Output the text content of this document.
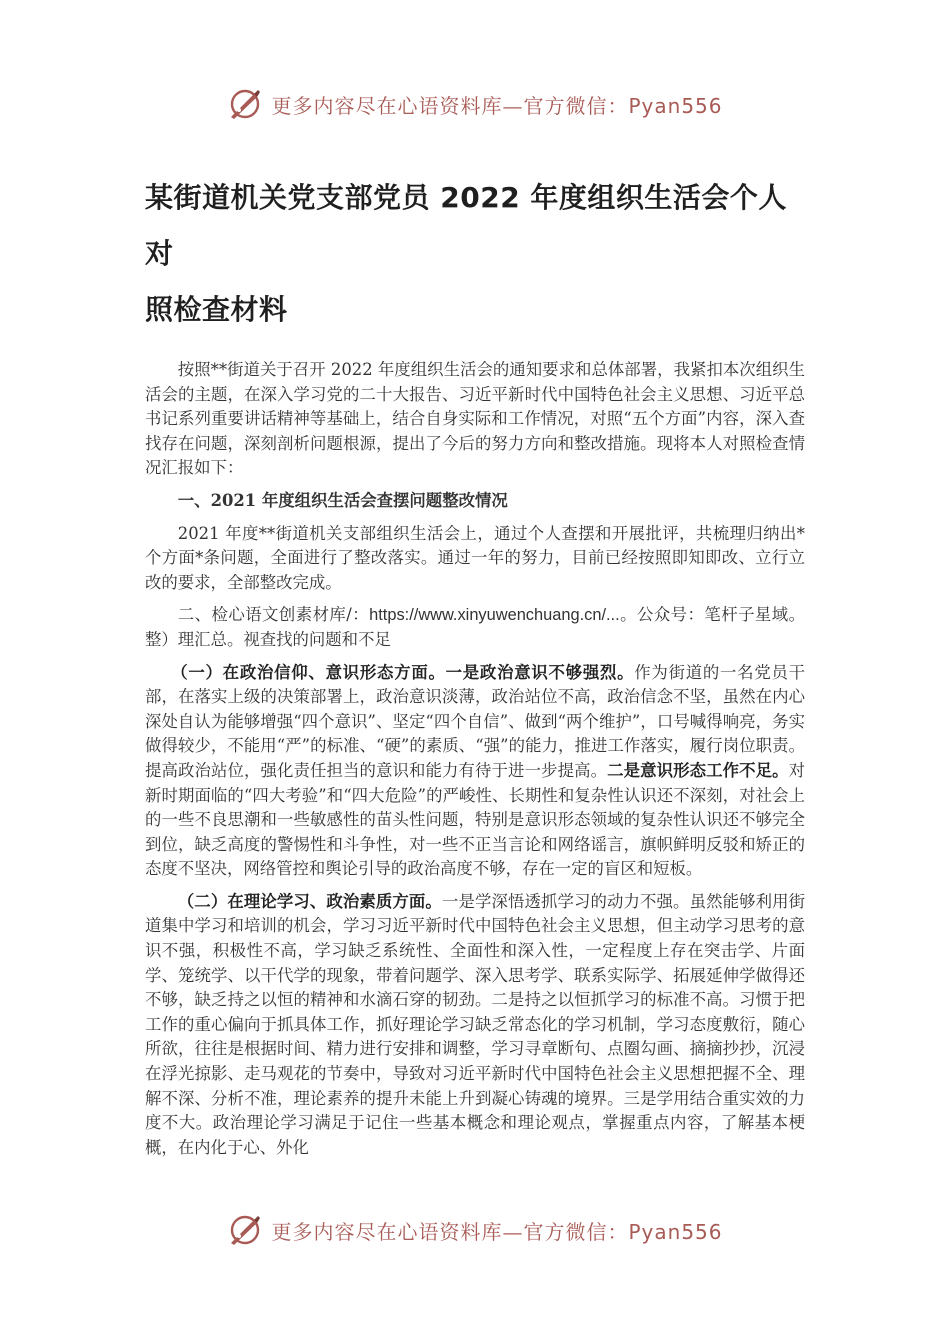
更多内容尽在心语资料库—官方微信：Pyan556
某街道机关党支部党员 2022 年度组织生活会个人对
照检查材料

按照**街道关于召开 2022 年度组织生活会的通知要求和总体部署，我紧扣本次组织生活会的主题，在深入学习党的二十大报告、习近平新时代中国特色社会主义思想、习近平总书记系列重要讲话精神等基础上，结合自身实际和工作情况，对照“五个方面”内容，深入查找存在问题，深刻剖析问题根源，提出了今后的努力方向和整改措施。现将本人对照检查情况汇报如下：

一、2021 年度组织生活会查摆问题整改情况

2021 年度**街道机关支部组织生活会上，通过个人查摆和开展批评，共梳理归纳出*个方面*条问题，全面进行了整改落实。通过一年的努力，目前已经按照即知即改、立行立改的要求，全部整改完成。

二、检心语文创素材库/：https://www.xinyuwenchuang.cn/...。公众号：笔杆子星域。整）理汇总。视查找的问题和不足

（一）在政治信仰、意识形态方面。一是政治意识不够强烈。作为街道的一名党员干部，在落实上级的决策部署上，政治意识淡薄，政治站位不高，政治信念不坚，虽然在内心深处自认为能够增强“四个意识”、坚定“四个自信”、做到“两个维护”，口号喊得响亮，务实做得较少，不能用“严”的标准、“硬”的素质、“强”的能力，推进工作落实，履行岗位职责。提高政治站位，强化责任担当的意识和能力有待于进一步提高。二是意识形态工作不足。对新时期面临的“四大考验”和“四大危险”的严峻性、长期性和复杂性认识还不深刻，对社会上的一些不良思潮和一些敏感性的苗头性问题，特别是意识形态领域的复杂性认识还不够完全到位，缺乏高度的警惕性和斗争性，对一些不正当言论和网络谣言，旗帜鲜明反驳和矫正的态度不坚决，网络管控和舆论引导的政治高度不够，存在一定的盲区和短板。

（二）在理论学习、政治素质方面。一是学深悟透抓学习的动力不强。虽然能够利用街道集中学习和培训的机会，学习习近平新时代中国特色社会主义思想，但主动学习思考的意识不强，积极性不高，学习缺乏系统性、全面性和深入性，一定程度上存在突击学、片面学、笼统学、以干代学的现象，带着问题学、深入思考学、联系实际学、拓展延伸学做得还不够，缺乏持之以恒的精神和水滴石穿的韧劲。二是持之以恒抓学习的标准不高。习惯于把工作的重心偏向于抓具体工作，抓好理论学习缺乏常态化的学习机制，学习态度敷衍，随心所欲，往往是根据时间、精力进行安排和调整，学习寻章断句、点圈勾画、摘摘抄抄，沉浸在浮光掠影、走马观花的节奏中，导致对习近平新时代中国特色社会主义思想把握不全、理解不深、分析不准，理论素养的提升未能上升到凝心铸魂的境界。三是学用结合重实效的力度不大。政治理论学习满足于记住一些基本概念和理论观点，掌握重点内容，了解基本梗概，在内化于心、外化

更多内容尽在心语资料库—官方微信：Pyan556
